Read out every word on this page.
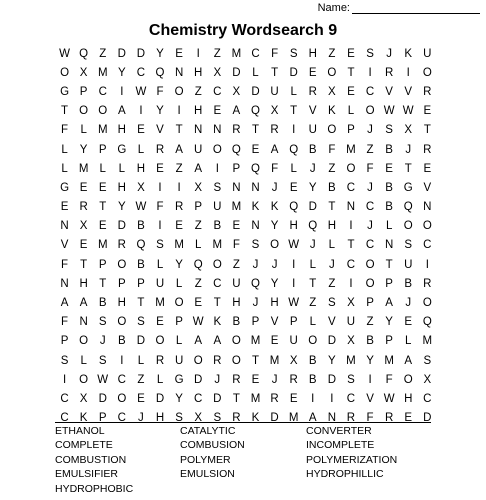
Name:
Chemistry Wordsearch 9
W Q Z D D Y E	I	Z M C F	S H Z	E S	J	K U
O X M Y C Q N H X D	L	T D E O T	I	R	I	O
G P C	I	W F O Z C X D U	L	R X E C V V R
T O O A	I	Y	I	H E A Q X	T	V K	L O W W E
F	L M H E V	T N N R T R	I	U O P	J	S X	T
L	Y P G L	R A U O Q E A Q B	F M Z	B	J	R
L M L	L	H E	Z	A	I	P Q F	L	J	Z O F	E	T	E
G E E H X	I	I	X S N N	J	E Y B C	J	B G V
E R T	Y W F R P U M K K Q D T N C B Q N
N X E D B	I	E	Z	B E N Y H Q H	I	J	L O O
V E M R Q S M L M F	S O W J	L	T C N S C
F	T	P O B	L	Y Q O Z	J	J	I	L	J	C O T U	I
N H T	P P U	L	Z C U Q Y	I	T	Z	I	O P B R
A A B H T M O E	T H	J	H W Z	S X P A	J	O
F N S O S E P W K B P V P	L	V U Z	Y E Q
P O	J	B D O L	A A O M E U O D X B P	L M
S	L	S	I	L	R U O R O T M X B Y M Y M A S
I	O W C Z	L G D	J	R E	J	R B D S	I	F O X
C X D O E D Y C D T M R E	I	I	C V W H C
C K P C	J	H S X S R K D M A N R F R E D
ETHANOL	CATALYTIC	CONVERTER
COMPLETE	COMBUSION	INCOMPLETE
COMBUSTION	POLYMER	POLYMERIZATION
EMULSIFIER	EMULSION	HYDROPHILLIC
HYDROPHOBIC
